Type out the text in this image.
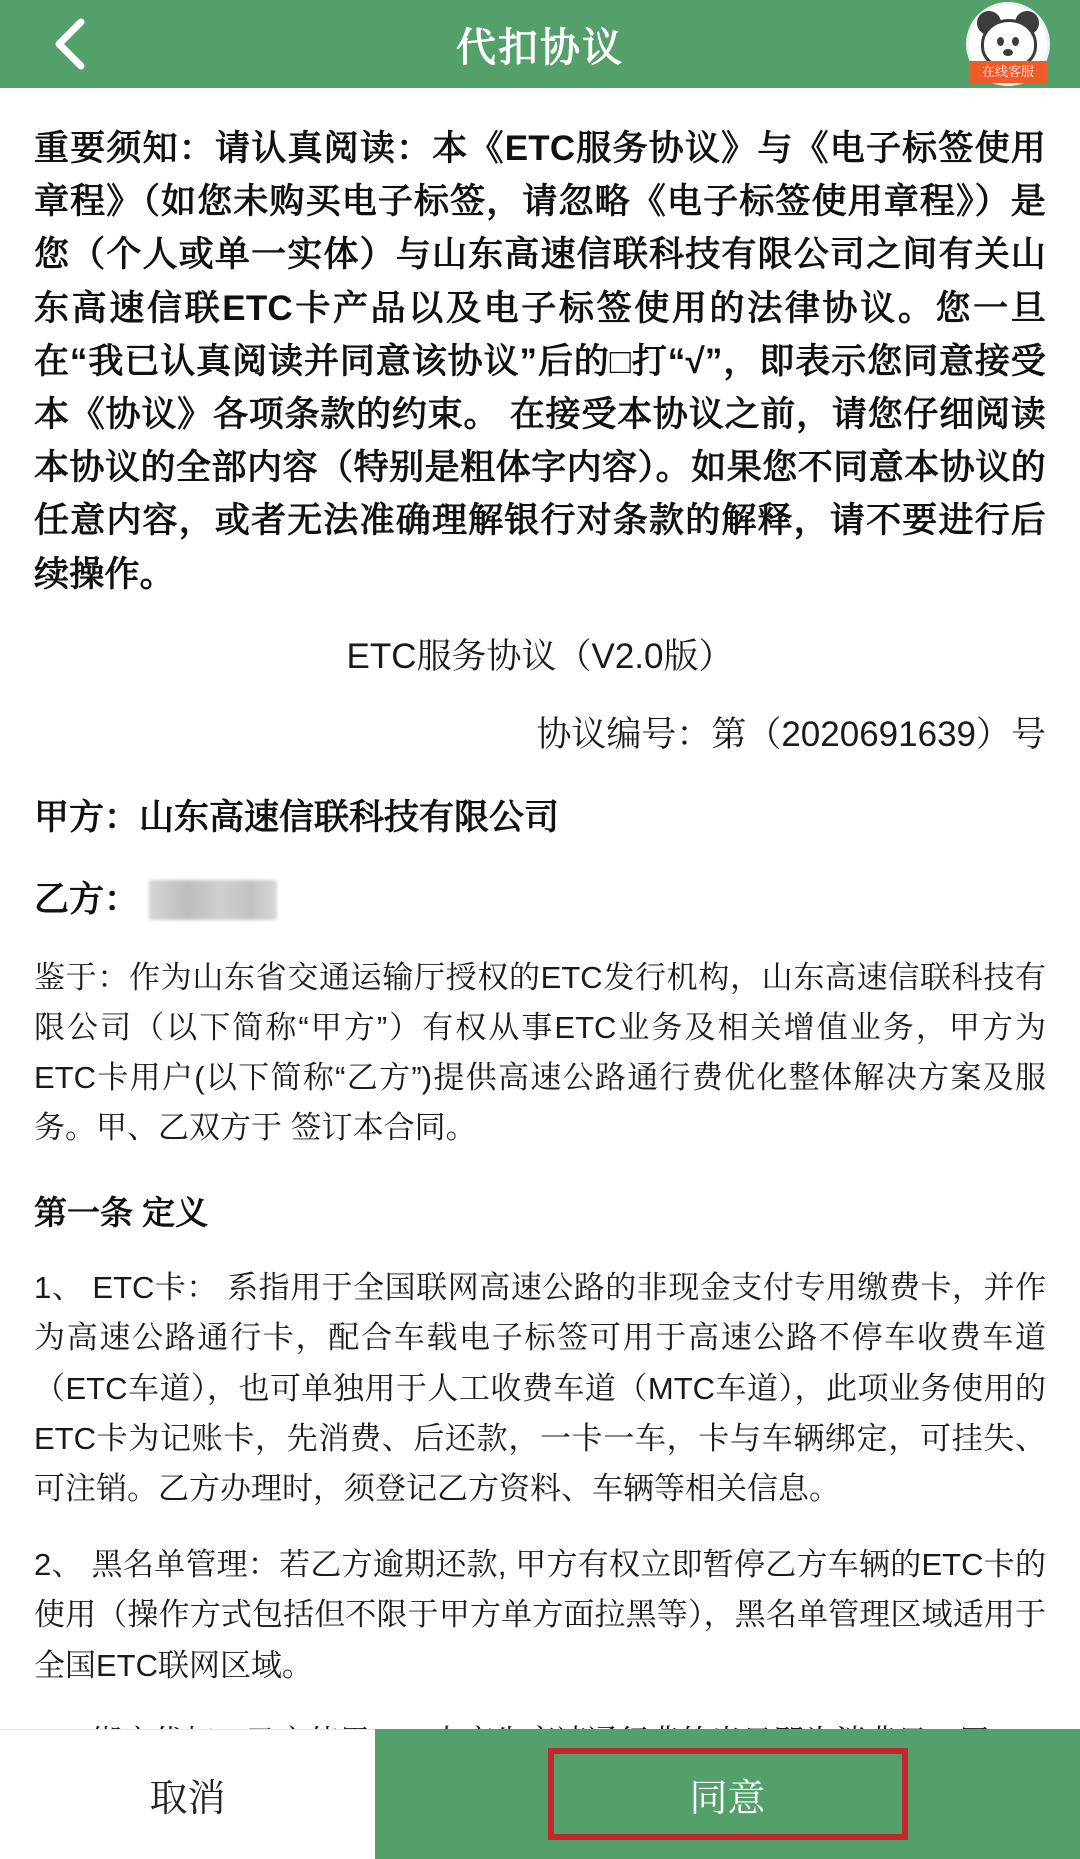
代扣协议
在线客服
重要须知：请认真阅读：本《ETC服务协议》与《电子标签使用章程》（如您未购买电子标签，请忽略《电子标签使用章程》）是您（个人或单一实体）与山东高速信联科技有限公司之间有关山东高速信联ETC卡产品以及电子标签使用的法律协议。您一旦在“我已认真阅读并同意该协议”后的□打“√”，即表示您同意接受本《协议》各项条款的约束。 在接受本协议之前，请您仔细阅读本协议的全部内容（特别是粗体字内容）。如果您不同意本协议的任意内容，或者无法准确理解银行对条款的解释，请不要进行后续操作。
ETC服务协议（V2.0版）
协议编号：第（2020691639）号
甲方： 山东高速信联科技有限公司
乙方：
鉴于：作为山东省交通运输厅授权的ETC发行机构，山东高速信联科技有限公司（以下简称“甲方”）有权从事ETC业务及相关增值业务，甲方为ETC卡用户(以下简称“乙方”)提供高速公路通行费优化整体解决方案及服务。甲、乙双方于 签订本合同。
第一条 定义
1、 ETC卡： 系指用于全国联网高速公路的非现金支付专用缴费卡，并作为高速公路通行卡，配合车载电子标签可用于高速公路不停车收费车道（ETC车道），也可单独用于人工收费车道（MTC车道），此项业务使用的ETC卡为记账卡，先消费、后还款，一卡一车，卡与车辆绑定，可挂失、可注销。乙方办理时，须登记乙方资料、车辆等相关信息。
2、 黑名单管理：若乙方逾期还款, 甲方有权立即暂停乙方车辆的ETC卡的使用（操作方式包括但不限于甲方单方面拉黑等），黑名单管理区域适用于全国ETC联网区域。
取消	同意
